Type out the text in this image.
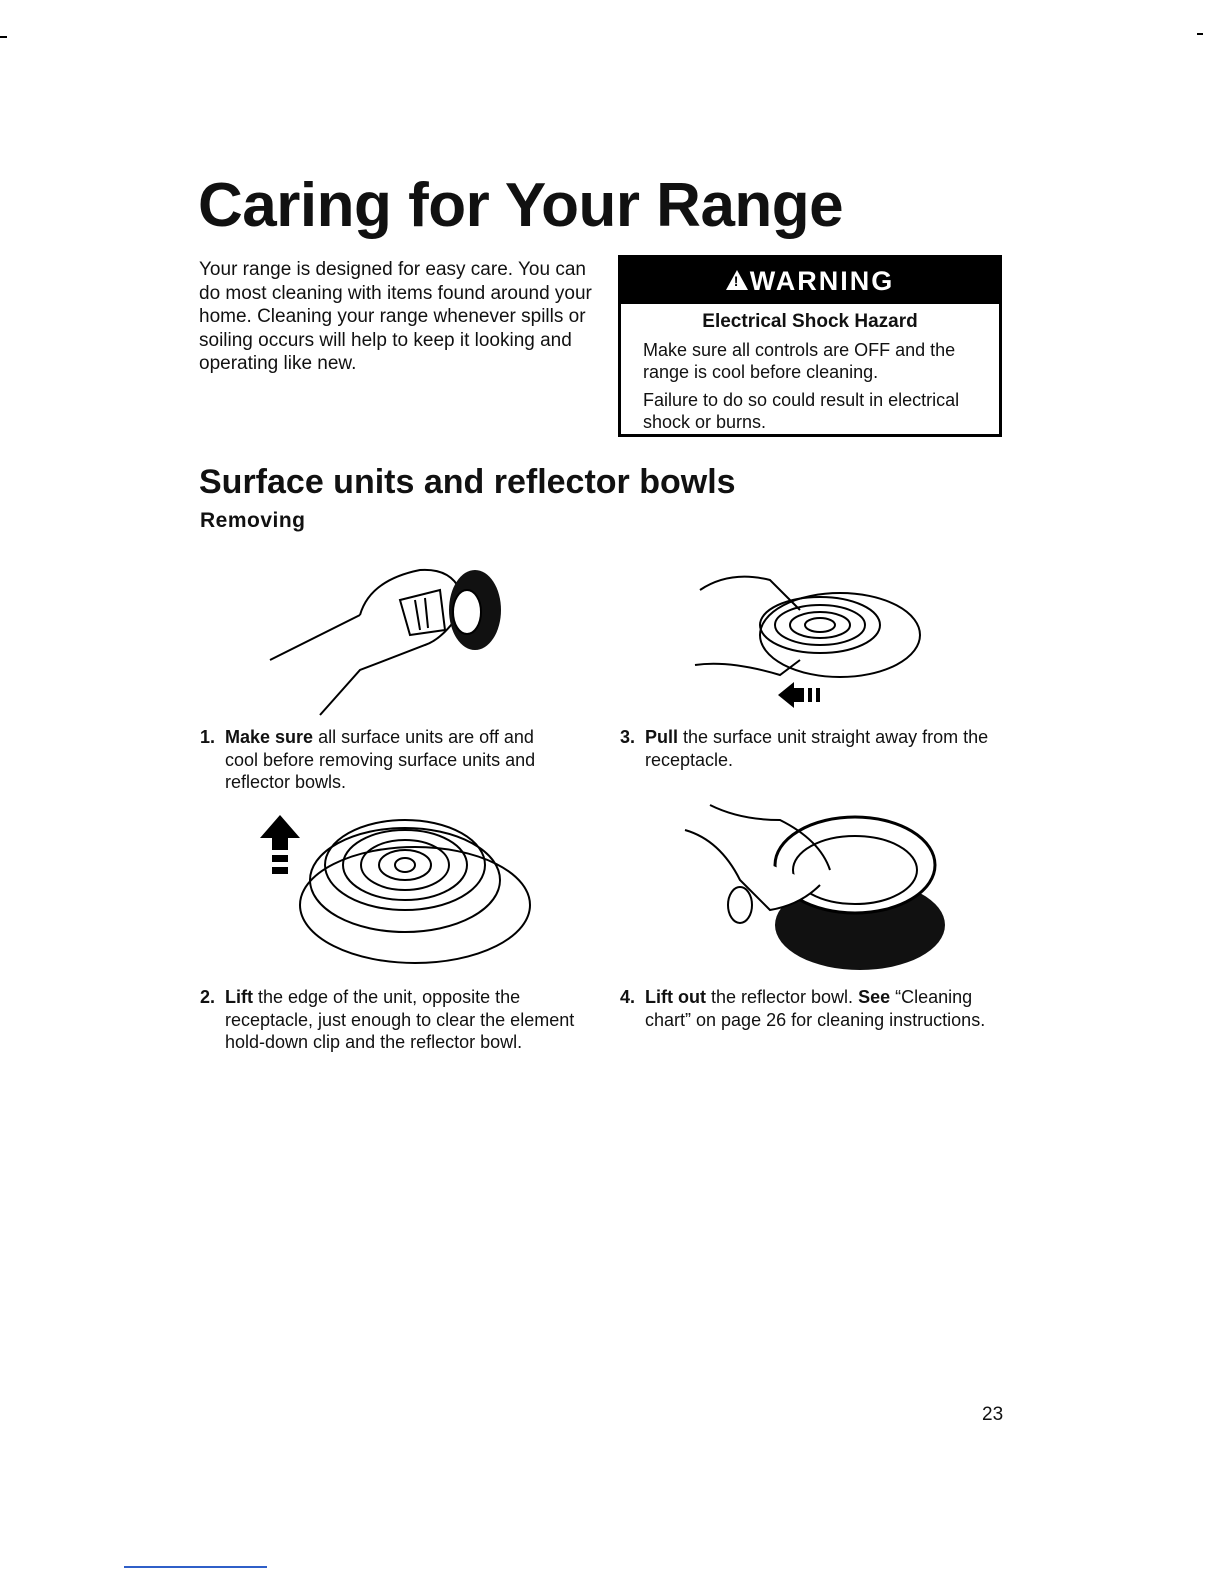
Caring for Your Range
Your range is designed for easy care. You can do most cleaning with items found around your home. Cleaning your range whenever spills or soiling occurs will help to keep it looking and operating like new.
!
WARNING
Electrical Shock Hazard
Make sure all controls are OFF and the range is cool before cleaning.
Failure to do so could result in electrical shock or burns.
Surface units and reflector bowls
Removing
1. Make sure all surface units are off and cool before removing surface units and reflector bowls.
3. Pull the surface unit straight away from the receptacle.
2. Lift the edge of the unit, opposite the receptacle, just enough to clear the element hold-down clip and the reflector bowl.
4. Lift out the reflector bowl. See “Cleaning chart” on page 26 for cleaning instructions.
23
